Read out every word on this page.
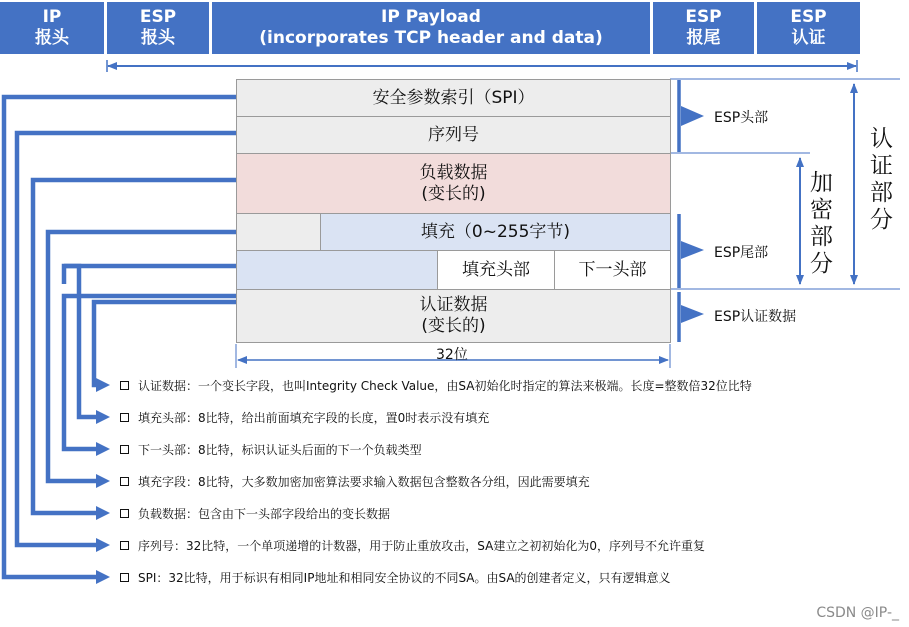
IP
报头
ESP
报头
IP Payload
(incorporates TCP header and data)
ESP
报尾
ESP
认证
安全参数索引（SPI）
序列号
负载数据
(变长的)
填充（0~255字节)
填充头部	下一头部
认证数据
(变长的)
32位
ESP头部
ESP尾部
ESP认证数据
加密部分
认证部分
认证数据：一个变长字段，也叫Integrity Check Value，由SA初始化时指定的算法来极端。长度=整数倍32位比特
填充头部：8比特，给出前面填充字段的长度，置0时表示没有填充
下一头部：8比特，标识认证头后面的下一个负载类型
填充字段：8比特，大多数加密加密算法要求输入数据包含整数各分组，因此需要填充
负载数据：包含由下一头部字段给出的变长数据
序列号：32比特，一个单项递增的计数器，用于防止重放攻击，SA建立之初初始化为0，序列号不允许重复
SPI：32比特，用于标识有相同IP地址和相同安全协议的不同SA。由SA的创建者定义，只有逻辑意义
CSDN @IP-_
